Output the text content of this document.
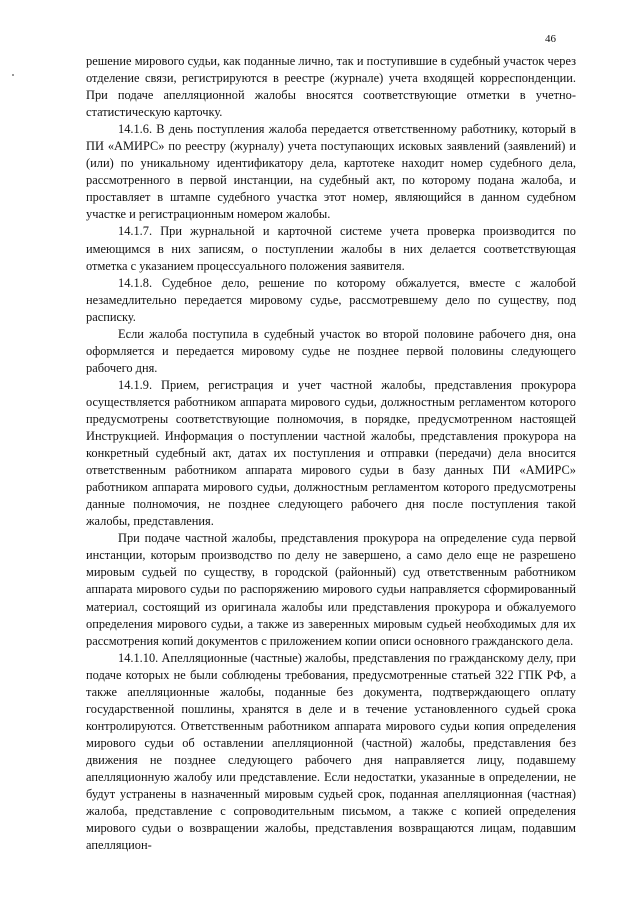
46

решение мирового судьи, как поданные лично, так и поступившие в судебный участок через отделение связи, регистрируются в реестре (журнале) учета входящей корреспонденции. При подаче апелляционной жалобы вносятся соответствующие отметки в учетно-статистическую карточку.

14.1.6. В день поступления жалоба передается ответственному работнику, который в ПИ «АМИРС» по реестру (журналу) учета поступающих исковых заявлений (заявлений) и (или) по уникальному идентификатору дела, картотеке находит номер судебного дела, рассмотренного в первой инстанции, на судебный акт, по которому подана жалоба, и проставляет в штампе судебного участка этот номер, являющийся в данном судебном участке и регистрационным номером жалобы.

14.1.7. При журнальной и карточной системе учета проверка производится по имеющимся в них записям, о поступлении жалобы в них делается соответствующая отметка с указанием процессуального положения заявителя.

14.1.8. Судебное дело, решение по которому обжалуется, вместе с жалобой незамедлительно передается мировому судье, рассмотревшему дело по существу, под расписку.

Если жалоба поступила в судебный участок во второй половине рабочего дня, она оформляется и передается мировому судье не позднее первой половины следующего рабочего дня.

14.1.9. Прием, регистрация и учет частной жалобы, представления прокурора осуществляется работником аппарата мирового судьи, должностным регламентом которого предусмотрены соответствующие полномочия, в порядке, предусмотренном настоящей Инструкцией. Информация о поступлении частной жалобы, представления прокурора на конкретный судебный акт, датах их поступления и отправки (передачи) дела вносится ответственным работником аппарата мирового судьи в базу данных ПИ «АМИРС» работником аппарата мирового судьи, должностным регламентом которого предусмотрены данные полномочия, не позднее следующего рабочего дня после поступления такой жалобы, представления.

При подаче частной жалобы, представления прокурора на определение суда первой инстанции, которым производство по делу не завершено, а само дело еще не разрешено мировым судьей по существу, в городской (районный) суд ответственным работником аппарата мирового судьи по распоряжению мирового судьи направляется сформированный материал, состоящий из оригинала жалобы или представления прокурора и обжалуемого определения мирового судьи, а также из заверенных мировым судьей необходимых для их рассмотрения копий документов с приложением копии описи основного гражданского дела.

14.1.10. Апелляционные (частные) жалобы, представления по гражданскому делу, при подаче которых не были соблюдены требования, предусмотренные статьей 322 ГПК РФ, а также апелляционные жалобы, поданные без документа, подтверждающего оплату государственной пошлины, хранятся в деле и в течение установленного судьей срока контролируются. Ответственным работником аппарата мирового судьи копия определения мирового судьи об оставлении апелляционной (частной) жалобы, представления без движения не позднее следующего рабочего дня направляется лицу, подавшему апелляционную жалобу или представление. Если недостатки, указанные в определении, не будут устранены в назначенный мировым судьей срок, поданная апелляционная (частная) жалоба, представление с сопроводительным письмом, а также с копией определения мирового судьи о возвращении жалобы, представления возвращаются лицам, подавшим апелляцион-
